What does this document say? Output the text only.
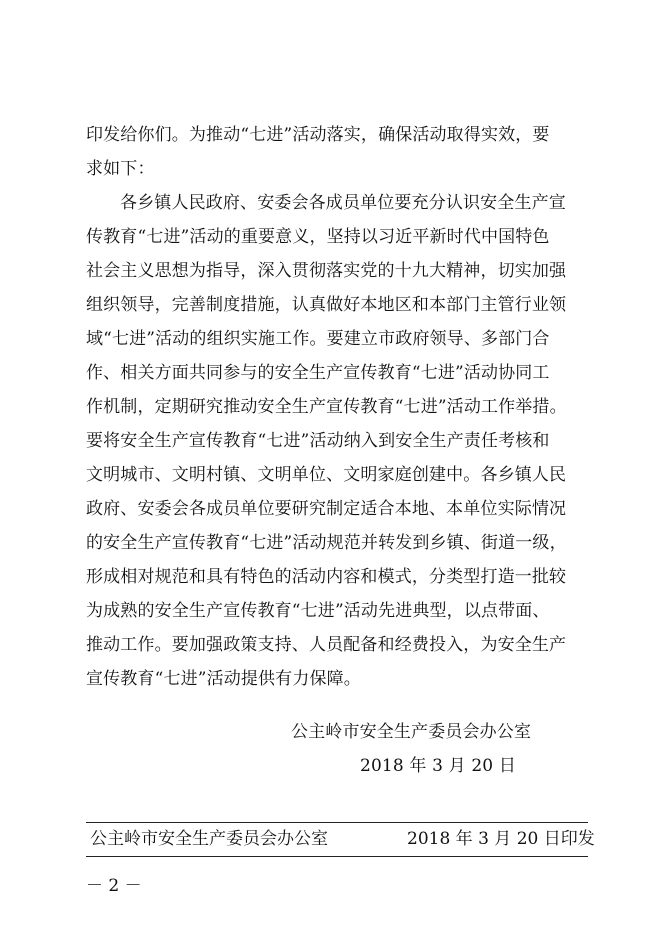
印发给你们。为推动“七进”活动落实，确保活动取得实效，要
求如下：
各乡镇人民政府、安委会各成员单位要充分认识安全生产宣
传教育“七进”活动的重要意义，坚持以习近平新时代中国特色
社会主义思想为指导，深入贯彻落实党的十九大精神，切实加强
组织领导，完善制度措施，认真做好本地区和本部门主管行业领
域“七进”活动的组织实施工作。要建立市政府领导、多部门合
作、相关方面共同参与的安全生产宣传教育“七进”活动协同工
作机制，定期研究推动安全生产宣传教育“七进”活动工作举措。
要将安全生产宣传教育“七进”活动纳入到安全生产责任考核和
文明城市、文明村镇、文明单位、文明家庭创建中。各乡镇人民
政府、安委会各成员单位要研究制定适合本地、本单位实际情况
的安全生产宣传教育“七进”活动规范并转发到乡镇、街道一级，
形成相对规范和具有特色的活动内容和模式，分类型打造一批较
为成熟的安全生产宣传教育“七进”活动先进典型，以点带面、
推动工作。要加强政策支持、人员配备和经费投入，为安全生产
宣传教育“七进”活动提供有力保障。
公主岭市安全生产委员会办公室
2018 年 3 月 20 日
公主岭市安全生产委员会办公室	2018 年 3 月 20 日印发
－ 2 －
